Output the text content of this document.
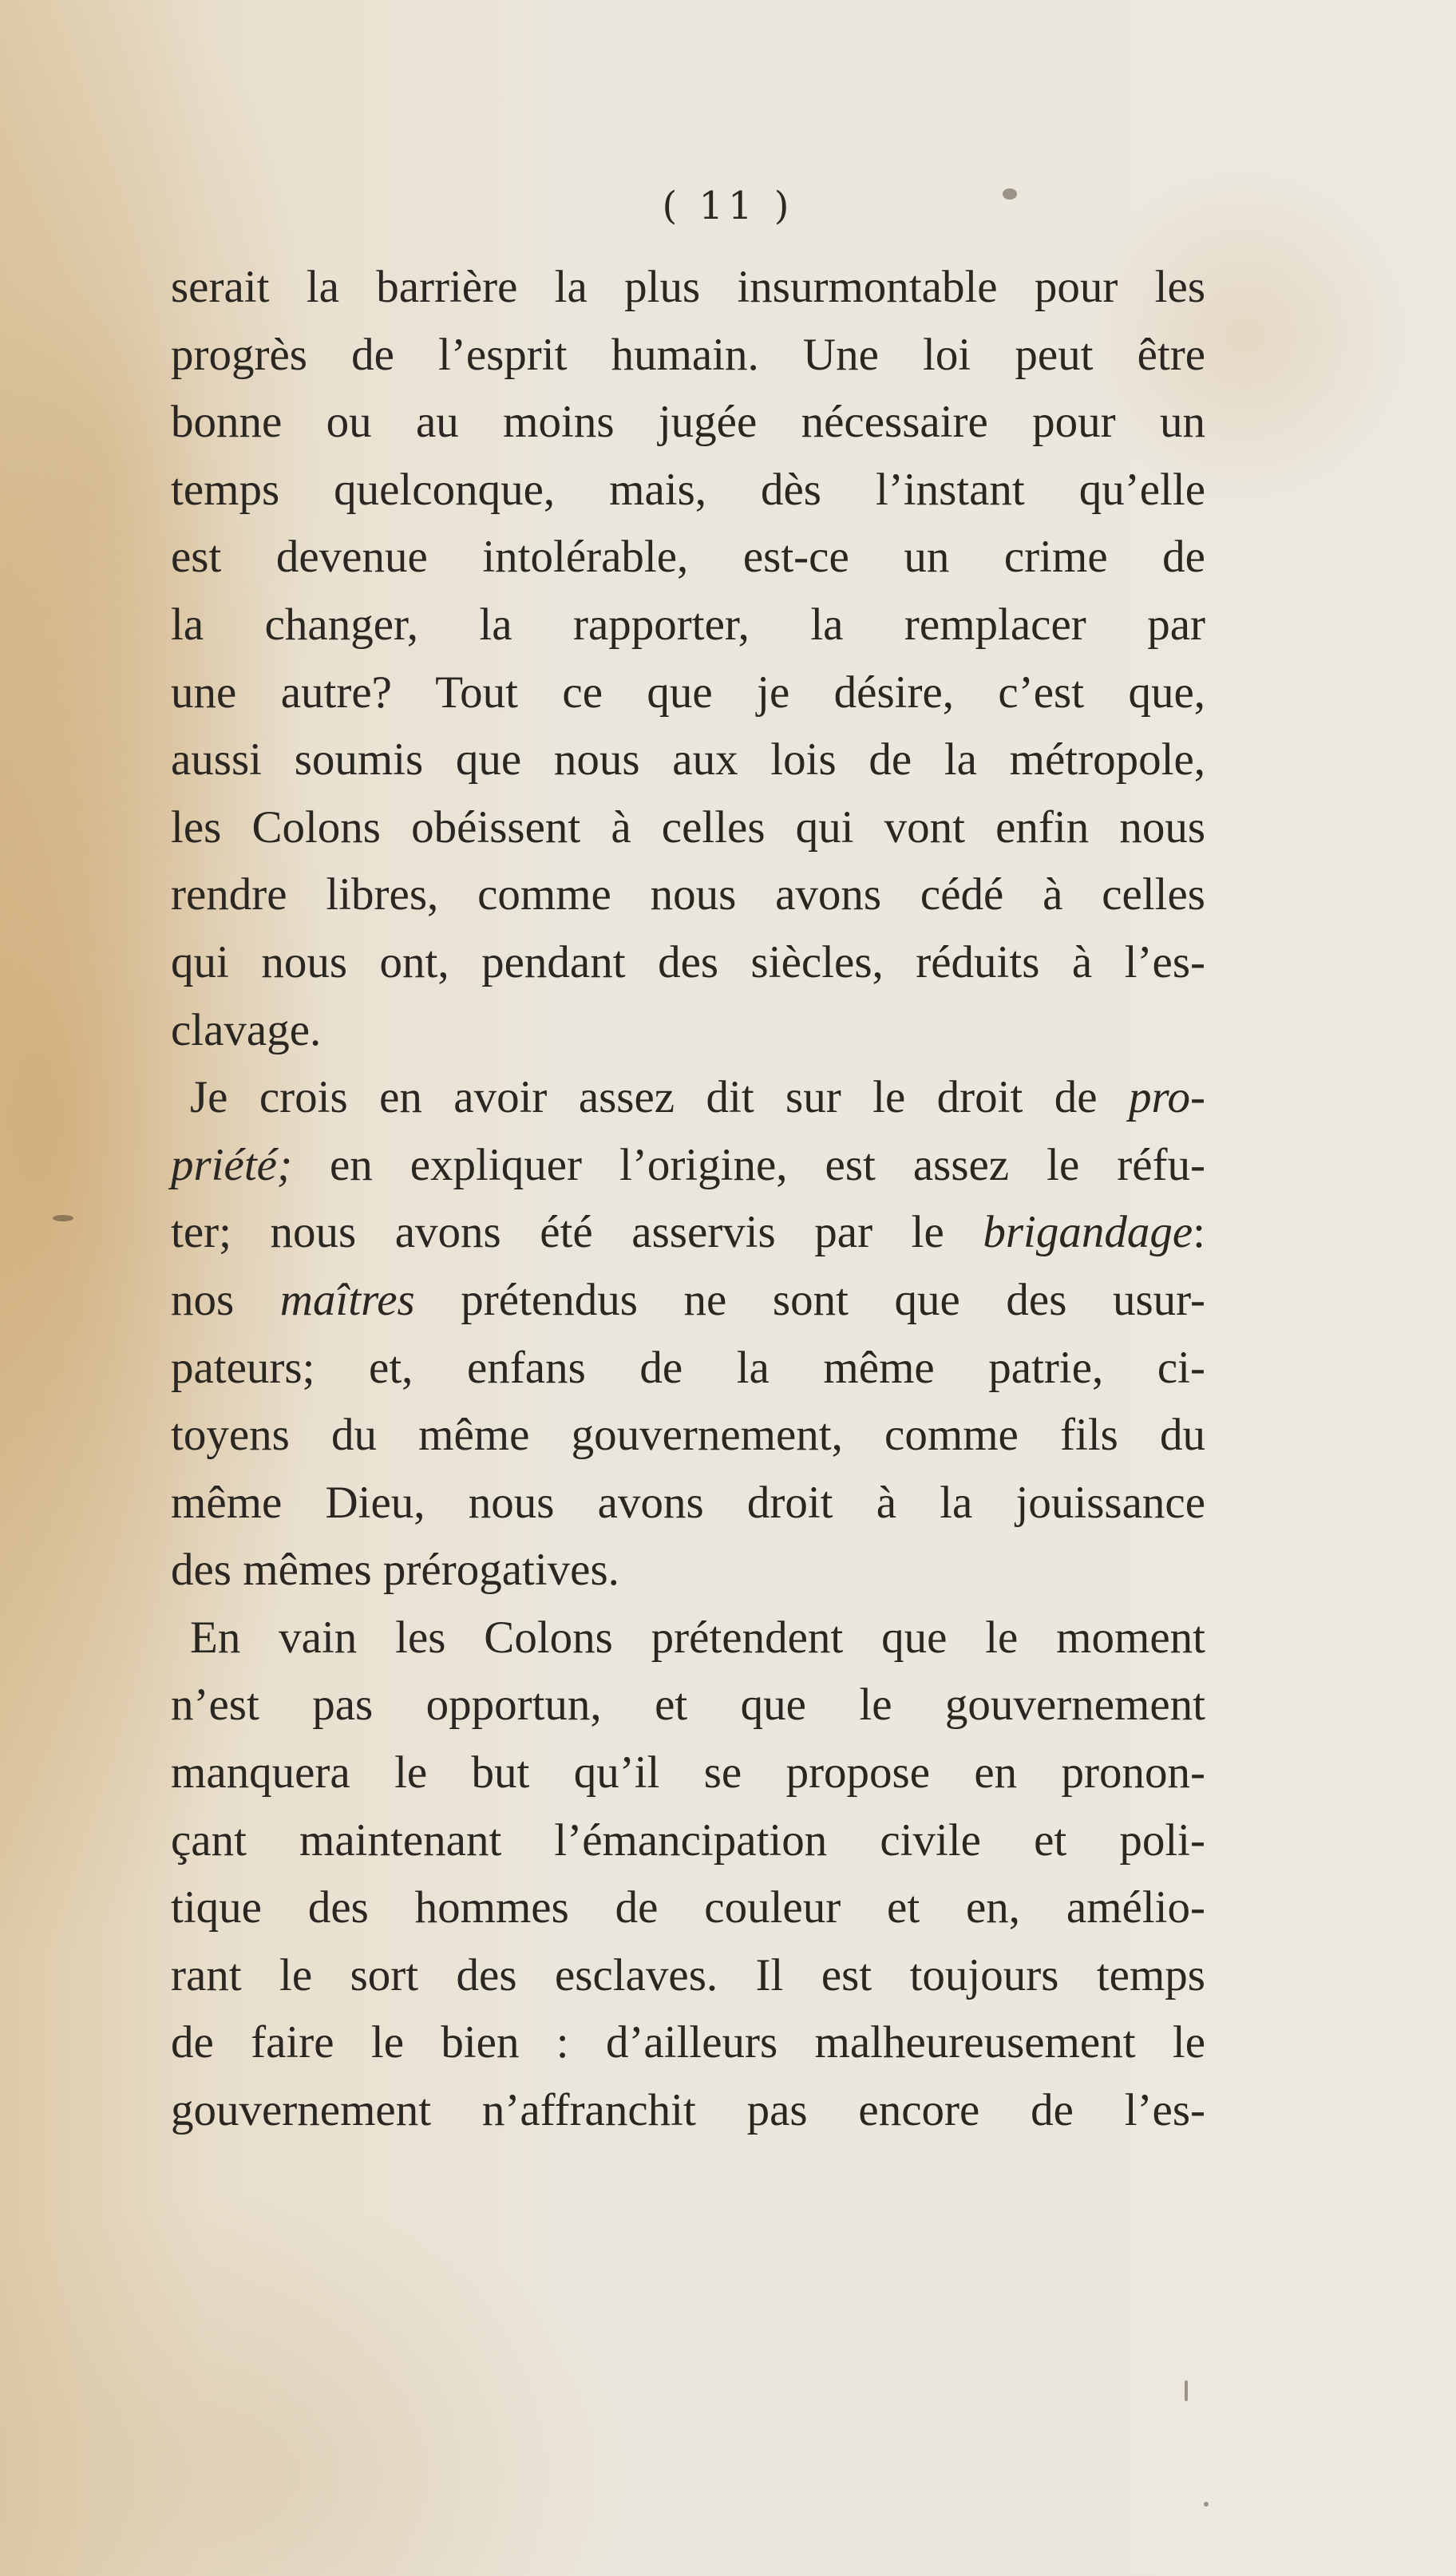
( 11 )
serait la barrière la plus insurmontable pour les
progrès de l’esprit humain. Une loi peut être
bonne ou au moins jugée nécessaire pour un
temps quelconque, mais, dès l’instant qu’elle
est devenue intolérable, est-ce un crime de
la changer, la rapporter, la remplacer par
une autre? Tout ce que je désire, c’est que,
aussi soumis que nous aux lois de la métropole,
les Colons obéissent à celles qui vont enfin nous
rendre libres, comme nous avons cédé à celles
qui nous ont, pendant des siècles, réduits à l’es-
clavage.
Je crois en avoir assez dit sur le droit de pro-
priété; en expliquer l’origine, est assez le réfu-
ter; nous avons été asservis par le brigandage:
nos maîtres prétendus ne sont que des usur-
pateurs; et, enfans de la même patrie, ci-
toyens du même gouvernement, comme fils du
même Dieu, nous avons droit à la jouissance
des mêmes prérogatives.
En vain les Colons prétendent que le moment
n’est pas opportun, et que le gouvernement
manquera le but qu’il se propose en pronon-
çant maintenant l’émancipation civile et poli-
tique des hommes de couleur et en, amélio-
rant le sort des esclaves. Il est toujours temps
de faire le bien : d’ailleurs malheureusement le
gouvernement n’affranchit pas encore de l’es-
